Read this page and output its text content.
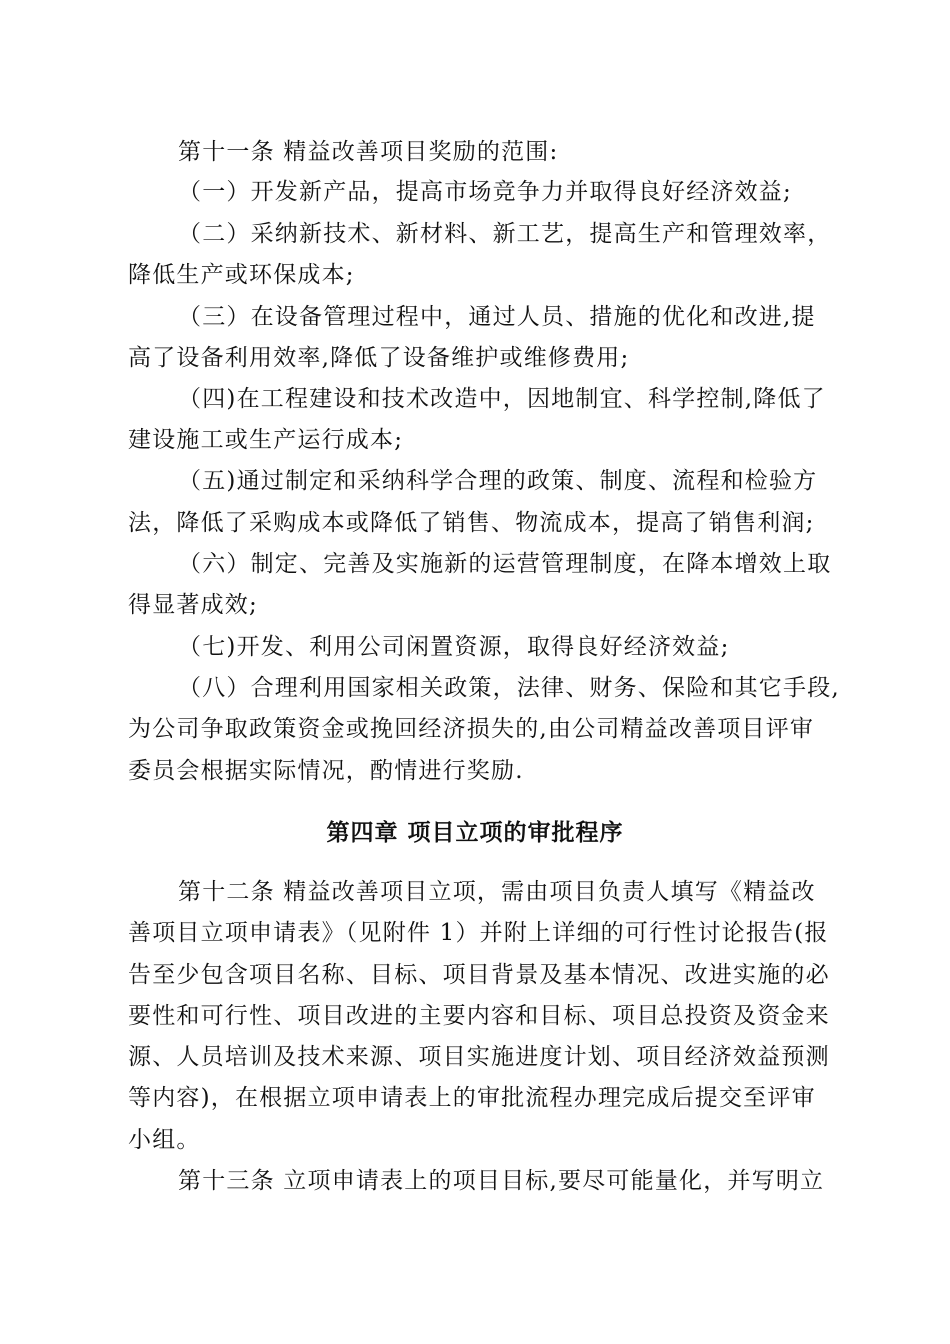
第十一条 精益改善项目奖励的范围:
（一）开发新产品，提高市场竞争力并取得良好经济效益;
（二）采纳新技术、新材料、新工艺，提高生产和管理效率，
降低生产或环保成本;
（三）在设备管理过程中，通过人员、措施的优化和改进,提
高了设备利用效率,降低了设备维护或维修费用;
（四)在工程建设和技术改造中，因地制宜、科学控制,降低了
建设施工或生产运行成本;
（五)通过制定和采纳科学合理的政策、制度、流程和检验方
法，降低了采购成本或降低了销售、物流成本，提高了销售利润;
（六）制定、完善及实施新的运营管理制度，在降本增效上取
得显著成效;
（七)开发、利用公司闲置资源，取得良好经济效益;
（八）合理利用国家相关政策，法律、财务、保险和其它手段,
为公司争取政策资金或挽回经济损失的,由公司精益改善项目评审
委员会根据实际情况，酌情进行奖励.
第四章 项目立项的审批程序
第十二条 精益改善项目立项，需由项目负责人填写《精益改
善项目立项申请表》（见附件 1）并附上详细的可行性讨论报告(报
告至少包含项目名称、目标、项目背景及基本情况、改进实施的必
要性和可行性、项目改进的主要内容和目标、项目总投资及资金来
源、人员培训及技术来源、项目实施进度计划、项目经济效益预测
等内容)，在根据立项申请表上的审批流程办理完成后提交至评审
小组。
第十三条 立项申请表上的项目目标,要尽可能量化，并写明立
